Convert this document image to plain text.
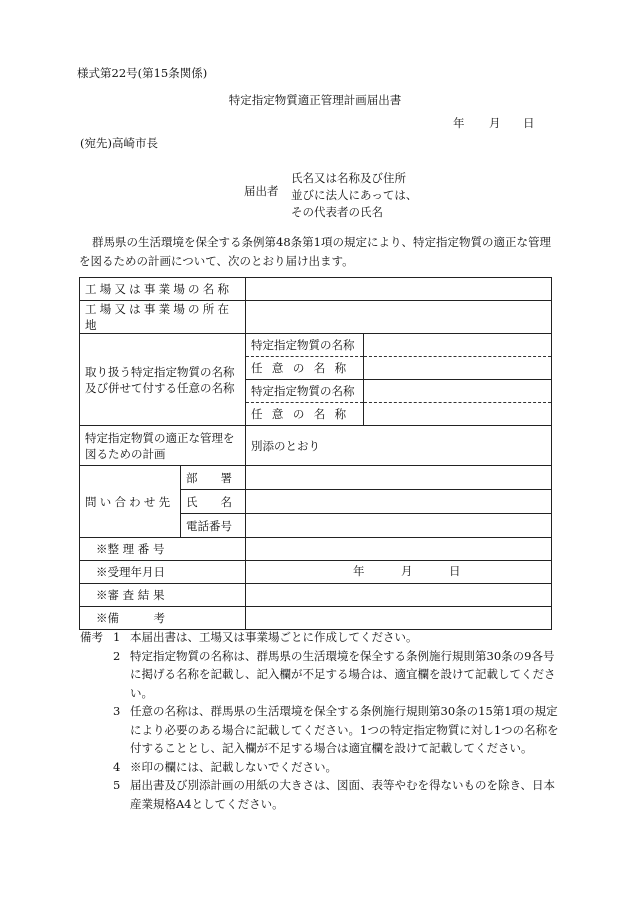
様式第22号(第15条関係)
特定指定物質適正管理計画届出書
年 月 日
(宛先)高崎市長
届出者
氏名又は名称及び住所
並びに法人にあっては、
その代表者の氏名
群馬県の生活環境を保全する条例第48条第1項の規定により、特定指定物質の適正な管理を図るための計画について、次のとおり届け出ます。
工場又は事業場の名称			
工場又は事業場の所在地			

取り扱う特定指定物質の名称
及び併せて付する任意の名称		特定指定物質の名称	
		任 意 の 名 称	
		特定指定物質の名称	
		任 意 の 名 称	

特定指定物質の適正な管理を
図るための計画		別添のとおり	
問い合わせ先	部　　署		
	氏　　名		
	電話番号		
※整 理 番 号			
※受理年月日		年 月 日	

※審 査 結 果			
※備　　　考			
備考 1 本届出書は、工場又は事業場ごとに作成してください。
2 特定指定物質の名称は、群馬県の生活環境を保全する条例施行規則第30条の9各号に掲げる名称を記載し、記入欄が不足する場合は、適宜欄を設けて記載してください。
3 任意の名称は、群馬県の生活環境を保全する条例施行規則第30条の15第1項の規定により必要のある場合に記載してください。1つの特定指定物質に対し1つの名称を付することとし、記入欄が不足する場合は適宜欄を設けて記載してください。
4 ※印の欄には、記載しないでください。
5 届出書及び別添計画の用紙の大きさは、図面、表等やむを得ないものを除き、日本産業規格A4としてください。
